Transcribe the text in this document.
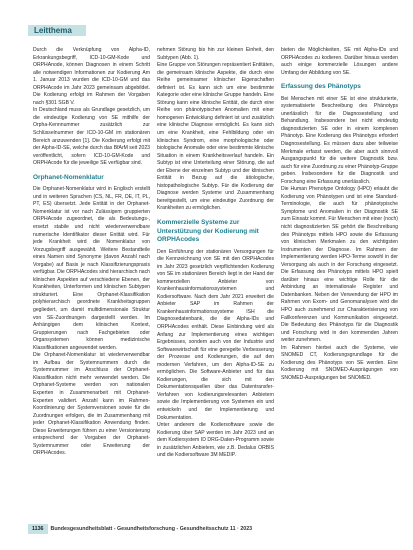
Leitthema

Durch die Verknüpfung von Alpha-ID, Erkrankungsbegriff, ICD-10-GM-Kode und ORPHAnode, können Diagnosen in einem Schritt alle notwendigen Informationen zur Kodierung Am 1. Januar 2013 wurden die ICD-10-GM und das ORPHAcode im Jahr 2023 gemeinsam abgebildet. Die Kodierung erfolgt im Rahmen der Vorgaben nach §301 SGB V.

In Deutschland muss als Grundlage gesetzlich, um die eindeutige Kodierung von SE mithilfe der Orpha-Kennnummer zusätzlich zur Schlüsselnummer der ICD-10-GM im stationären Bereich anzuwenden [1]. Die Kodierung erfolgt mit der Alpha-ID-SE, welche durch das BfArM seit 2023 veröffentlicht, sofern ICD-10-GM-Kode und ORPHAcode für die jeweilige SE verfügbar sind.

Orphanet-Nomenklatur

Die Orphanet-Nomenklatur wird in Englisch erstellt und in weiteren Sprachen (CS, NL, FR, DE, IT, PL, PT, ES) übersetzt. Jede Entität in der Orphanet-Nomenklatur ist vor nach Zulässigem gruppierten ORPHAcode zugeordnet, die als Bedeutungs-, ersetzt stabile und nicht wiederverwendbare numerische Identifikator dieser Entität wird. Für jede Krankheit wird die Nomenklatur von Vorzugsbegriff ausgewählt. Weitere Bestandteile eines Namen sind Synonyme (davon Anzahl nach Vorgabe) auf Basis je nach Klassifizierungspraxis verfügbar. Die ORPHAcodes sind hierarchisch nach klinischen Aspekten auf verschiedene Ebenen, der Krankheiten, Unterformen und klinischen Subtypen strukturiert. Eine Orphanet-Klassifikation polyhierarchisch geordnete Krankheitsgruppen gegliedert, um damit multidimensionale Struktur von SE-Zuordnungen dargestellt werden. Im Anhängigen dem klinischen Kontext, Gruppierungen nach Fachgebieten oder Organsystemen können medizinische Klassifikationen angewendet werden.

Die Orphanet-Nomenklatur ist wiederverwendbar im Aufbau der Systemnummern durch die Systemnummer im Anschluss der Orphanet-Klassifikation nicht mehr verwendet werden. Die Orphanet-Systeme werden von nationalen Experten in Zusammenarbeit mit Orphanet-Experten validiert. Anzahl kann im Rahmen-Koordinierung der Systemversionen sowie für die Zuordnungen erfolgen, die im Zusammenhang mit jeder Orphanet-Klassifikation Anwendung finden. Diese Erweiterungen führen zu einer Versionierung entsprechend der Vorgaben der Orphanet-Systemnummer oder Erweiterung der ORPHAcodes.

nehmen Störung bis hin zur kleinen Einheit, den Subtypen (Abb. 1).

Eine Gruppe von Störungen repräsentiert Entitäten, die gemeinsam klinische Aspekte, die durch eine Reihe gemeinsamer klinischer Eigenschaften definiert ist. Es kann sich um eine bestimmte Kategorie oder eine klinische Gruppe handeln. Eine Störung kann eine klinische Entität, die durch eine Reihe von phänotypischen Anomalien mit einer homogenen Entwicklung definiert ist und zusätzlich eine klinische Diagnose ermöglicht. Es kann sich um eine Krankheit, eine Fehlbildung oder ein klinisches Syndrom, eine morphologische oder biologische Anomalie oder eine bestimmte klinische Situation in einem Krankheitsverlauf handeln. Ein Subtyp ist eine Unterteilung einer Störung, die auf der Ebene der einzelnen Subtyp und der klinischen Entität in Bezug auf die ätiologische, histopathologische Subtyp. Für die Kodierung der Diagnose werden Systeme und Zusammenhang bereitgestellt, um eine eindeutige Zuordnung der Krankheiten zu ermöglichen.

Kommerzielle Systeme zur Unterstützung der Kodierung mit ORPHAcodes

Den Einführung der stationären Versorgungen für die Kennzeichnung von SE mit den ORPHAcodes im Jahr 2023 gesetzlich verpflichtenden Kodierung von SE im stationären Bereich liegt in der Hand der kommerziellen Anbieter von Krankenhausinformationssystemen und Kodiersoftware. Nach dem Jahr 2021 erweitert die Anbieter SAP im Rahmen der Krankenhausinformationssysteme ISH die Diagnosedatenbank, die die Alpha-IDs und ORPHAcodes enthält. Diese Einbindung wird als Anfang zur Implementierung eines wichtigen Ergebnisses, sondern auch von der Industrie und Softwarewirtschaft für eine geregelte Verbesserung der Prozesse und Kodierungen, die auf den modernen Verfahren, um den Alpha-ID-SE zu ermöglichen. Die Software-Anbieter und für das Kodierungen, die sich mit den Dokumentationsquellen über das Datentransfer-Verfahren von kodierungsrelevanten Anbietern sowie die Implementierung von Systemen ein und entwickeln und der Implementierung und Dokumentation.

Unter anderem die Kodiersoftware sowie die Kodierung über SAP werden im Jahr 2023 und an dem Kodiersystem ID DRG-Daten-Programm sowie in zusätzlichen Anbietern, wie z.B. Dedalus ORBIS und die Kodiersoftware 3M MEDIP.

bieten die Möglichkeiten, SE mit Alpha-IDs und ORPHAcodes zu kodieren. Darüber hinaus werden auch einige kommerzielle Lösungen andere Umfang der Abbildung von SE.

Erfassung des Phänotyps

Bei Menschen mit einer SE ist eine strukturierte, systematisierte Beschreibung des Phänotyps unerlässlich für die Diagnosestellung und Behandlung. Insbesondere bei nicht eindeutig diagnostizierten SE oder in einem komplexen Phänotyp. Eine Kodierung des Phänotyps erfordert Diagnosestellung. Es müssen dazu aber teilweise Merkmale erfasst werden, die aber auch sinnvoll Ausgangspunkt für die weitere Diagnostik bzw. auch für eine Zuordnung zu einer Phänotyp-Gruppe geben. Insbesondere für die Diagnostik und Forschung eine Erfassung unerlässlich.

Die Human Phenotype Ontology (HPO) erlaubt die Kodierung von Phänotypen und ist eine Standard-Terminologie, die auch für phänotypische Symptome und Anomalien in der Diagnostik SE zum Einsatz kommt. Für Menschen mit einer (noch) nicht diagnostizierten SE gehört die Beschreibung des Phänotyps mittels HPO sowie die Erfassung von klinischen Merkmalen zu den wichtigsten Instrumenten der Diagnose. Im Rahmen der Implementierung werden HPO-Terme sowohl in der Versorgung als auch in der Forschung eingesetzt. Die Erfassung des Phänotyps mittels HPO spielt darüber hinaus eine wichtige Rolle für die Anbindung an internationale Register und Datenbanken. Neben der Verwendung der HPO im Rahmen von Exom- und Genomanalysen wird die HPO auch zunehmend zur Charakterisierung von Fallkonferenzen und Kommunikation eingesetzt. Die Bedeutung des Phänotyps für die Diagnostik und Forschung wird in den kommenden Jahren weiter zunehmen.

Im Rahmen hierbei auch die Systeme, wie SNOMED CT, Kodierungsgrundlage für die Kodierung des Phänotyps von SE werden. Eine Kodierung mit SNOMED-Ausprägungen von SNOMED-Ausprägungen bei SNOMED.

1136 Bundesgesundheitsblatt - Gesundheitsforschung - Gesundheitsschutz 11 · 2023
